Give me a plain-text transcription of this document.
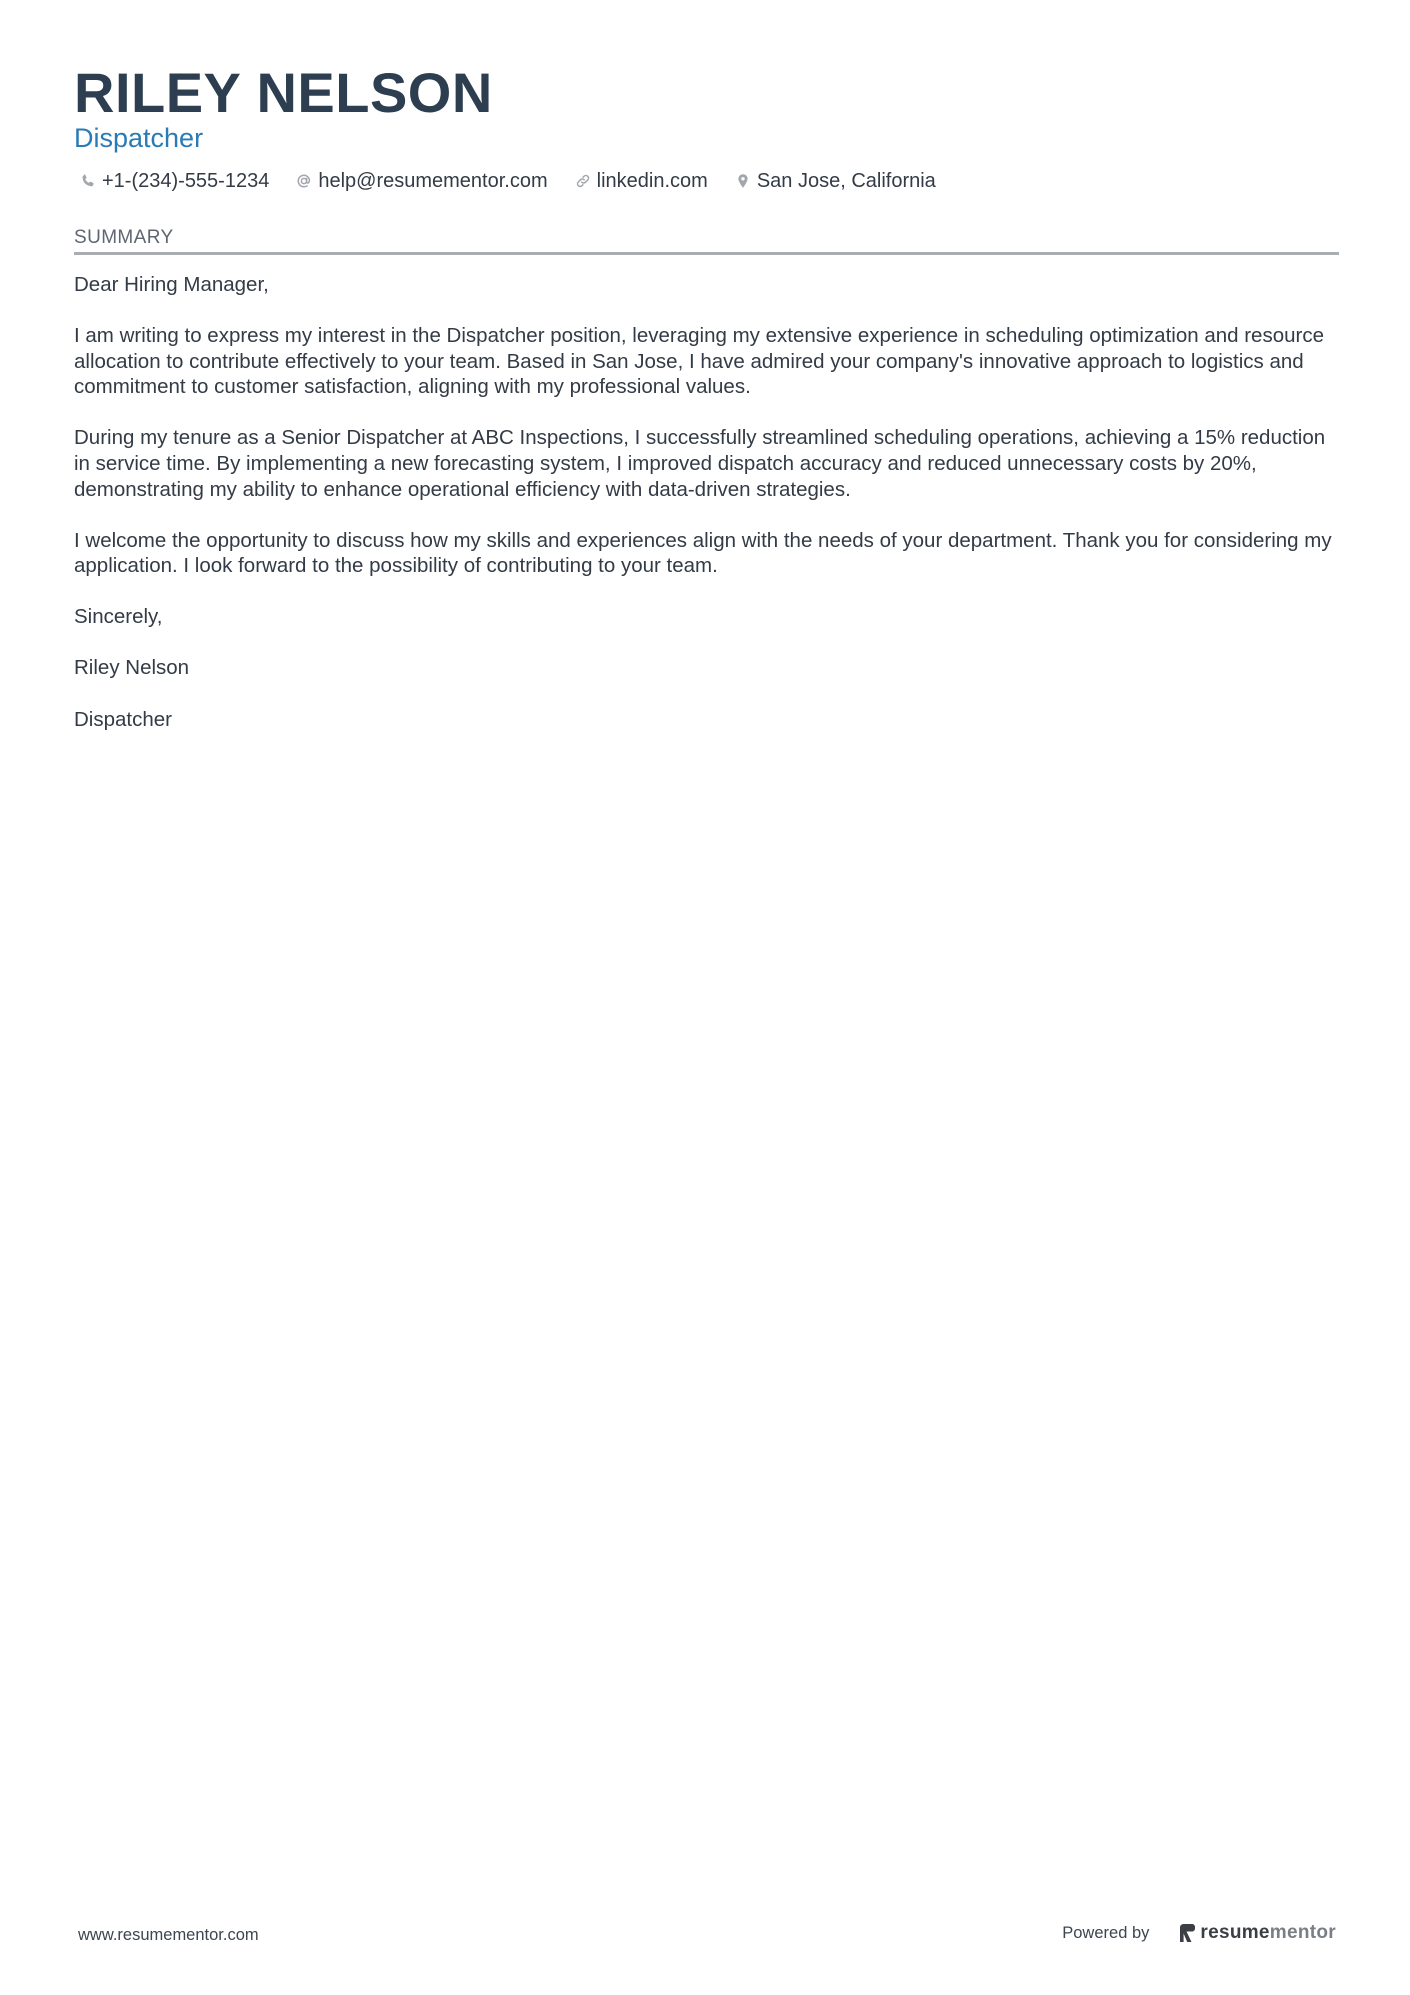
RILEY NELSON
Dispatcher
+1-(234)-555-1234 help@resumementor.com linkedin.com San Jose, California
SUMMARY

Dear Hiring Manager,

I am writing to express my interest in the Dispatcher position, leveraging my extensive experience in scheduling optimization and resource allocation to contribute effectively to your team. Based in San Jose, I have admired your company's innovative approach to logistics and commitment to customer satisfaction, aligning with my professional values.

During my tenure as a Senior Dispatcher at ABC Inspections, I successfully streamlined scheduling operations, achieving a 15% reduction in service time. By implementing a new forecasting system, I improved dispatch accuracy and reduced unnecessary costs by 20%, demonstrating my ability to enhance operational efficiency with data-driven strategies.

I welcome the opportunity to discuss how my skills and experiences align with the needs of your department. Thank you for considering my application. I look forward to the possibility of contributing to your team.

Sincerely,

Riley Nelson

Dispatcher

www.resumementor.com	Powered by	resume mentor
